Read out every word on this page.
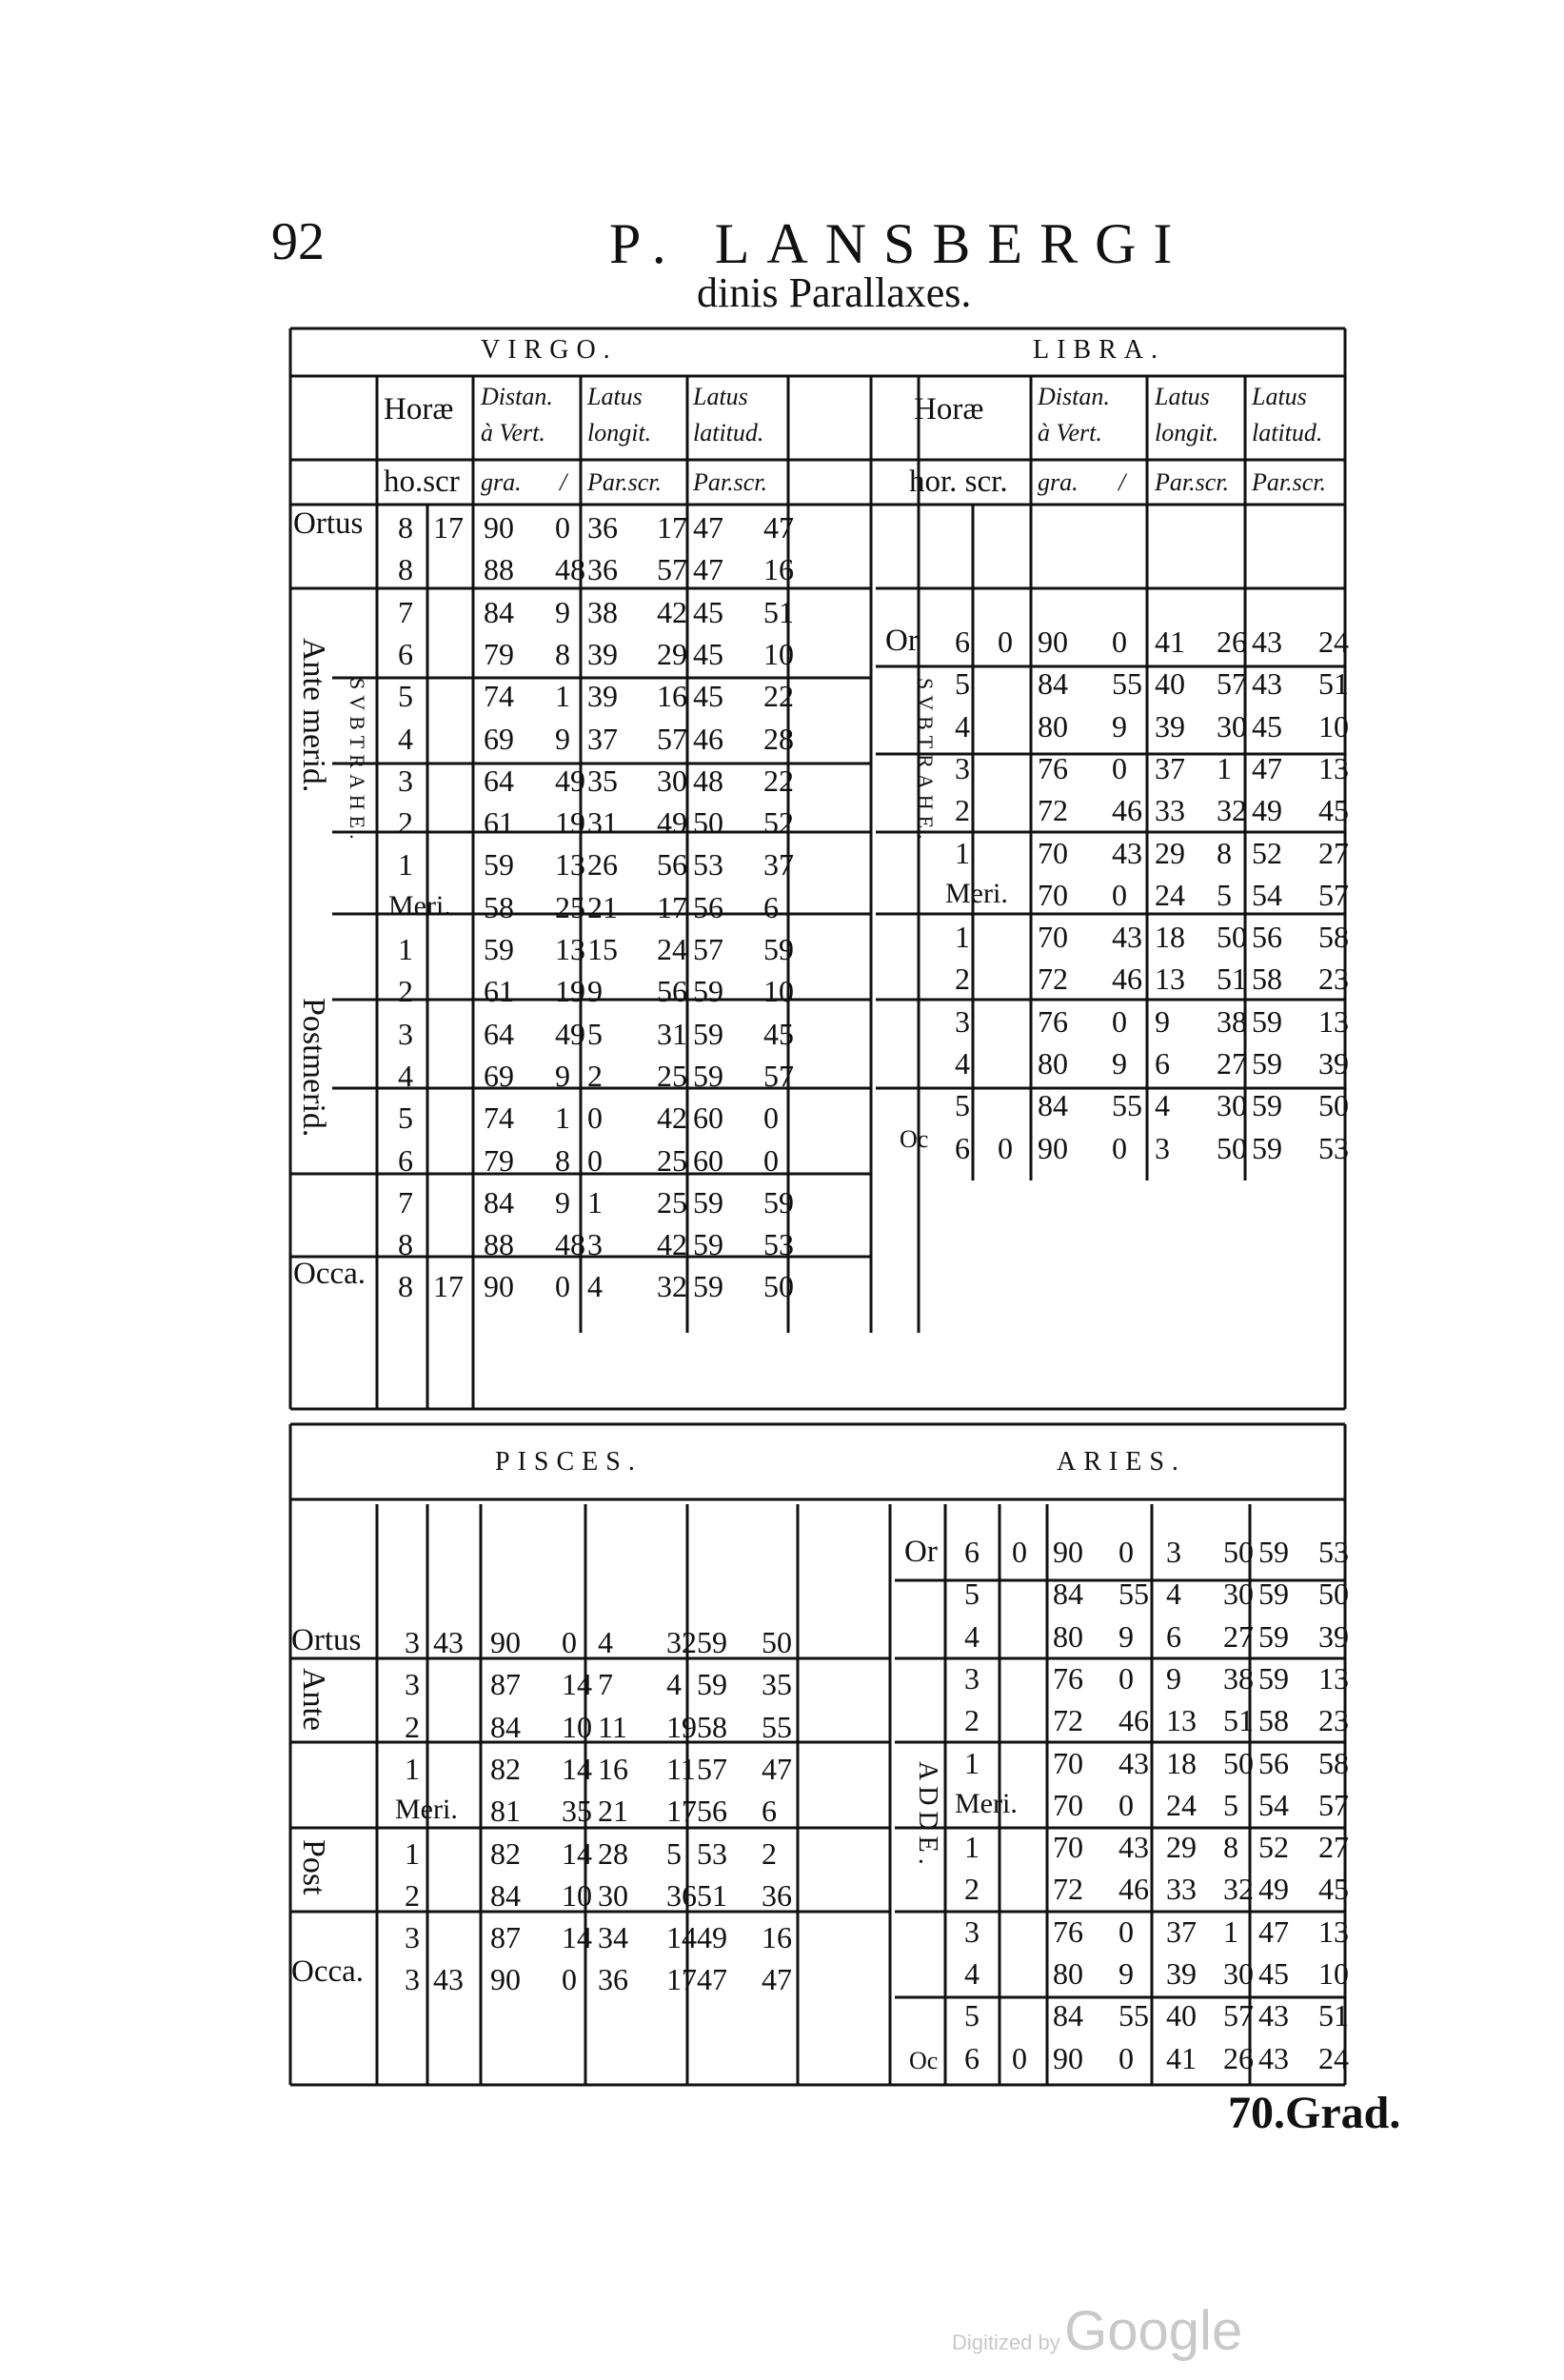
92	P. LANSBERGI
dinis Parallaxes.
VIRGO.
Horæ Distan.
à Vert.
Latus
longit.
Latus
latitud.
ho.scr gra. / Par.scr. Par.scr.
Ortus
Occa.
Ante merid.
Postmerid.
SVBTRAHE.
8 17 90 0 36 17 47 47
8 88 48 36 57 47 16
7 84 9 38 42 45 51
6 79 8 39 29 45 10
5 74 1 39 16 45 22
4 69 9 37 57 46 28
3 64 49 35 30 48 22
2 61 19 31 49 50 52
1 59 13 26 56 53 37
Meri. 58 25 21 17 56 6
1 59 13 15 24 57 59
2 61 19 9 56 59 10
3 64 49 5 31 59 45
4 69 9 2 25 59 57
5 74 1 0 42 60 0
6 79 8 0 25 60 0
7 84 9 1 25 59 59
8 88 48 3 42 59 53
8 17 90 0 4 32 59 50
LIBRA.
Horæ Distan.
à Vert.
Latus
longit.
Latus
latitud.
hor. scr. gra. / Par.scr. Par.scr.
Or
Oc
SVBTRAHE.
6 0 90 0 41 26 43 24
5 84 55 40 57 43 51
4 80 9 39 30 45 10
3 76 0 37 1 47 13
2 72 46 33 32 49 45
1 70 43 29 8 52 27
Meri. 70 0 24 5 54 57
1 70 43 18 50 56 58
2 72 46 13 51 58 23
3 76 0 9 38 59 13
4 80 9 6 27 59 39
5 84 55 4 30 59 50
6 0 90 0 3 50 59 53
PISCES.
Ortus
Occa.
Ante
Post
3 43 90 0 4 32 59 50
3 87 14 7 4 59 35
2 84 10 11 19 58 55
1 82 14 16 11 57 47
Meri. 81 35 21 17 56 6
1 82 14 28 5 53 2
2 84 10 30 36 51 36
3 87 14 34 14 49 16
3 43 90 0 36 17 47 47
ARIES.
Or
Oc
ADDE.
6 0 90 0 3 50 59 53
5 84 55 4 30 59 50
4 80 9 6 27 59 39
3 76 0 9 38 59 13
2 72 46 13 51 58 23
1 70 43 18 50 56 58
Meri. 70 0 24 5 54 57
1 70 43 29 8 52 27
2 72 46 33 32 49 45
3 76 0 37 1 47 13
4 80 9 39 30 45 10
5 84 55 40 57 43 51
6 0 90 0 41 26 43 24
70.Grad.
Digitized by Google
